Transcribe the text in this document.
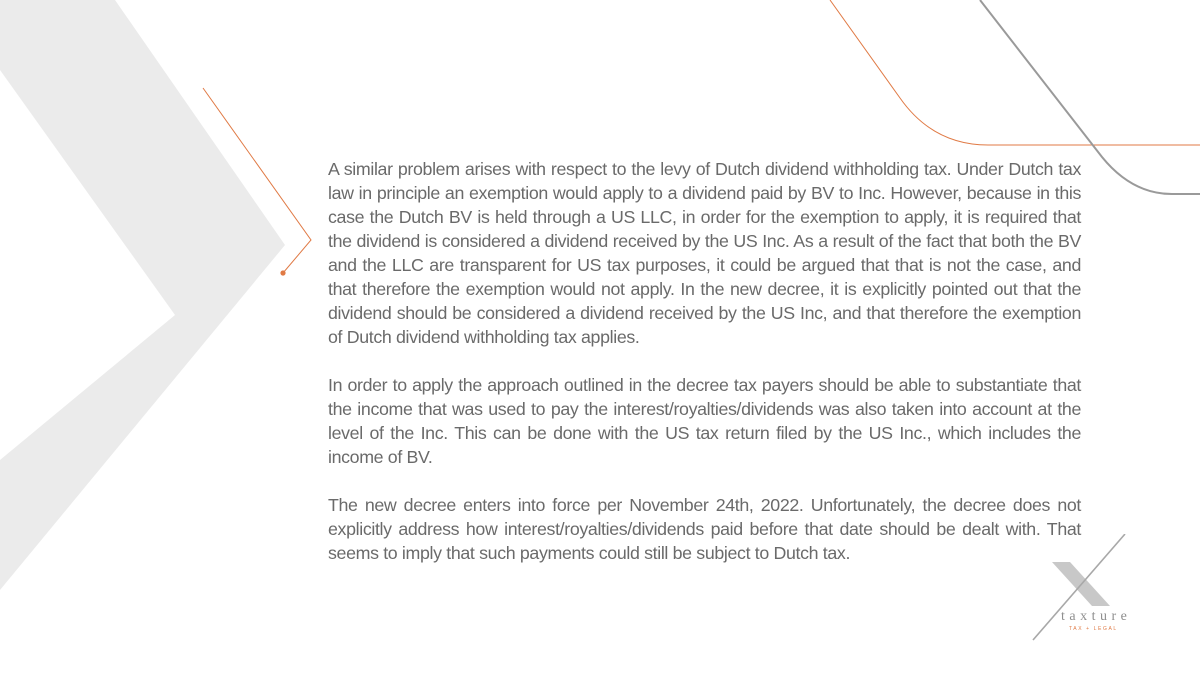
A similar problem arises with respect to the levy of Dutch dividend withholding tax. Under Dutch tax law in principle an exemption would apply to a dividend paid by BV to Inc. However, because in this case the Dutch BV is held through a US LLC, in order for the exemption to apply, it is required that the dividend is considered a dividend received by the US Inc. As a result of the fact that both the BV and the LLC are transparent for US tax purposes, it could be argued that that is not the case, and that therefore the exemption would not apply. In the new decree, it is explicitly pointed out that the dividend should be considered a dividend received by the US Inc, and that therefore the exemption of Dutch dividend withholding tax applies.

In order to apply the approach outlined in the decree tax payers should be able to substantiate that the income that was used to pay the interest/royalties/dividends was also taken into account at the level of the Inc. This can be done with the US tax return filed by the US Inc., which includes the income of BV.

The new decree enters into force per November 24th, 2022. Unfortunately, the decree does not explicitly address how interest/royalties/dividends paid before that date should be dealt with. That seems to imply that such payments could still be subject to Dutch tax.

taxture
TAX + LEGAL
